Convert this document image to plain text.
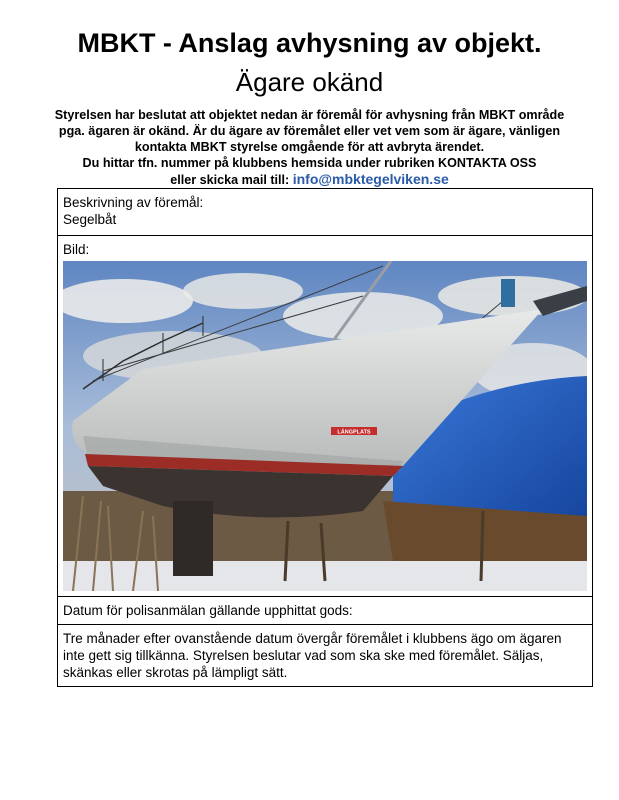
MBKT - Anslag avhysning av objekt.
Ägare okänd
Styrelsen har beslutat att objektet nedan är föremål för avhysning från MBKT område
pga. ägaren är okänd. Är du ägare av föremålet eller vet vem som är ägare, vänligen
kontakta MBKT styrelse omgående för att avbryta ärendet.
Du hittar tfn. nummer på klubbens hemsida under rubriken KONTAKTA OSS
eller skicka mail till: info@mbktegelviken.se
Beskrivning av föremål:
Segelbåt

Bild:
LÄNGPLATS

Datum för polisanmälan gällande upphittat gods:
Tre månader efter ovanstående datum övergår föremålet i klubbens ägo om ägaren inte gett sig tillkänna. Styrelsen beslutar vad som ska ske med föremålet. Säljas, skänkas eller skrotas på lämpligt sätt.
